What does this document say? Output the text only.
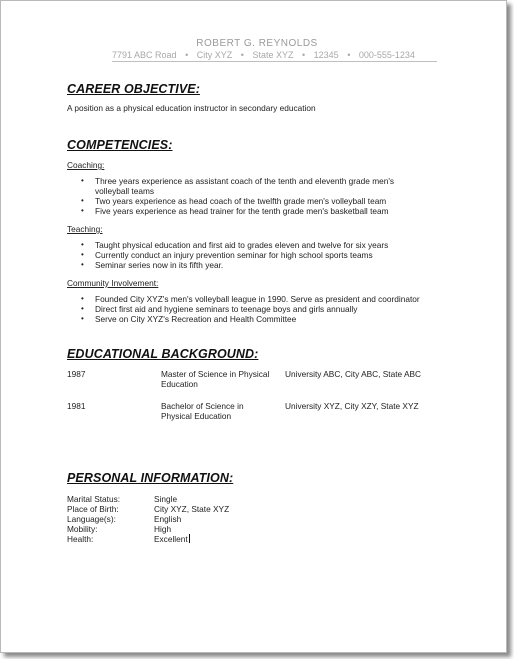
ROBERT G. REYNOLDS
7791 ABC Road • City XYZ • State XYZ • 12345 • 000-555-1234
CAREER OBJECTIVE:
A position as a physical education instructor in secondary education
COMPETENCIES:
Coaching:
• Three years experience as assistant coach of the tenth and eleventh grade men's volleyball teams
• Two years experience as head coach of the twelfth grade men's volleyball team
• Five years experience as head trainer for the tenth grade men's basketball team
Teaching:
• Taught physical education and first aid to grades eleven and twelve for six years
• Currently conduct an injury prevention seminar for high school sports teams
• Seminar series now in its fifth year.
Community Involvement:
• Founded City XYZ's men's volleyball league in 1990. Serve as president and coordinator
• Direct first aid and hygiene seminars to teenage boys and girls annually
• Serve on City XYZ's Recreation and Health Committee
EDUCATIONAL BACKGROUND:
1987	Master of Science in Physical Education
University ABC, City ABC, State ABC
1981	Bachelor of Science in Physical Education
University XYZ, City XZY, State XYZ
PERSONAL INFORMATION:
Marital Status:	Single
Place of Birth:	City XYZ, State XYZ
Language(s):	English
Mobility:	High
Health:	Excellent
